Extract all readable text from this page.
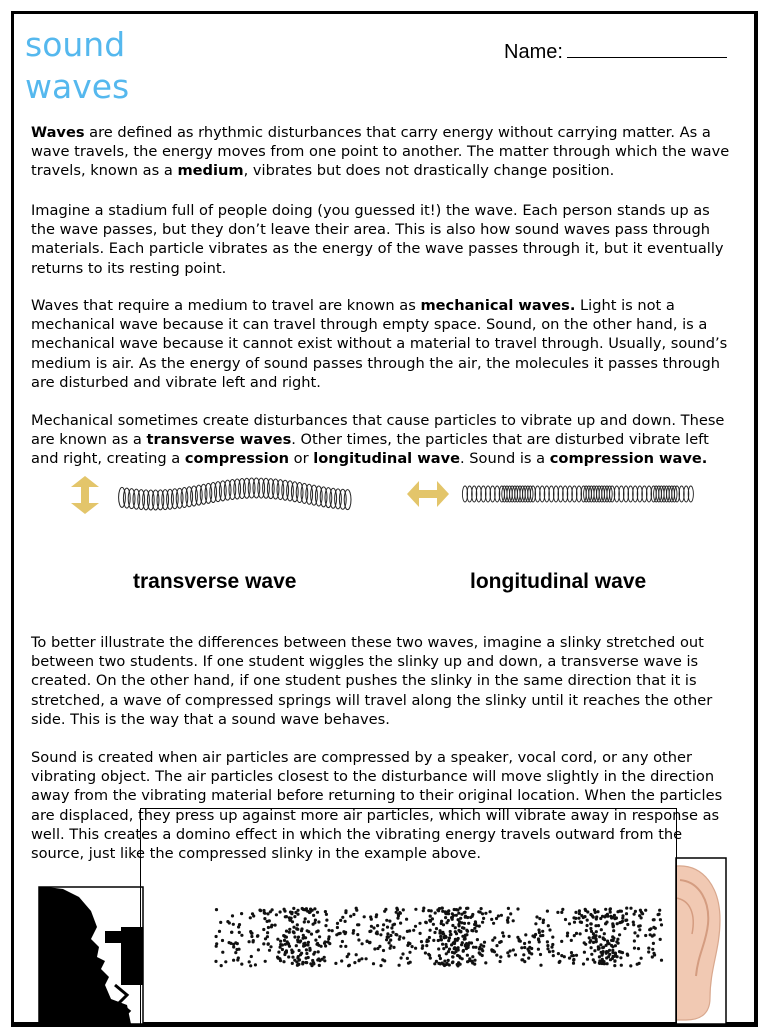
sound
waves
Name:

Waves are defined as rhythmic disturbances that carry energy without carrying matter. As a wave travels, the energy moves from one point to another. The matter through which the wave travels, known as a medium, vibrates but does not drastically change position.

Imagine a stadium full of people doing (you guessed it!) the wave. Each person stands up as the wave passes, but they don’t leave their area. This is also how sound waves pass through materials. Each particle vibrates as the energy of the wave passes through it, but it eventually returns to its resting point.

Waves that require a medium to travel are known as mechanical waves. Light is not a mechanical wave because it can travel through empty space. Sound, on the other hand, is a mechanical wave because it cannot exist without a material to travel through. Usually, sound’s medium is air. As the energy of sound passes through the air, the molecules it passes through are disturbed and vibrate left and right.

Mechanical sometimes create disturbances that cause particles to vibrate up and down. These are known as a transverse waves. Other times, the particles that are disturbed vibrate left and right, creating a compression or longitudinal wave. Sound is a compression wave.

transverse wave	longitudinal wave

To better illustrate the differences between these two waves, imagine a slinky stretched out between two students. If one student wiggles the slinky up and down, a transverse wave is created. On the other hand, if one student pushes the slinky in the same direction that it is stretched, a wave of compressed springs will travel along the slinky until it reaches the other side. This is the way that a sound wave behaves.

Sound is created when air particles are compressed by a speaker, vocal cord, or any other vibrating object. The air particles closest to the disturbance will move slightly in the direction away from the vibrating material before returning to their original location. When the particles are displaced, they press up against more air particles, which will vibrate away in response as well. This creates a domino effect in which the vibrating energy travels outward from the source, just like the compressed slinky in the example above.
